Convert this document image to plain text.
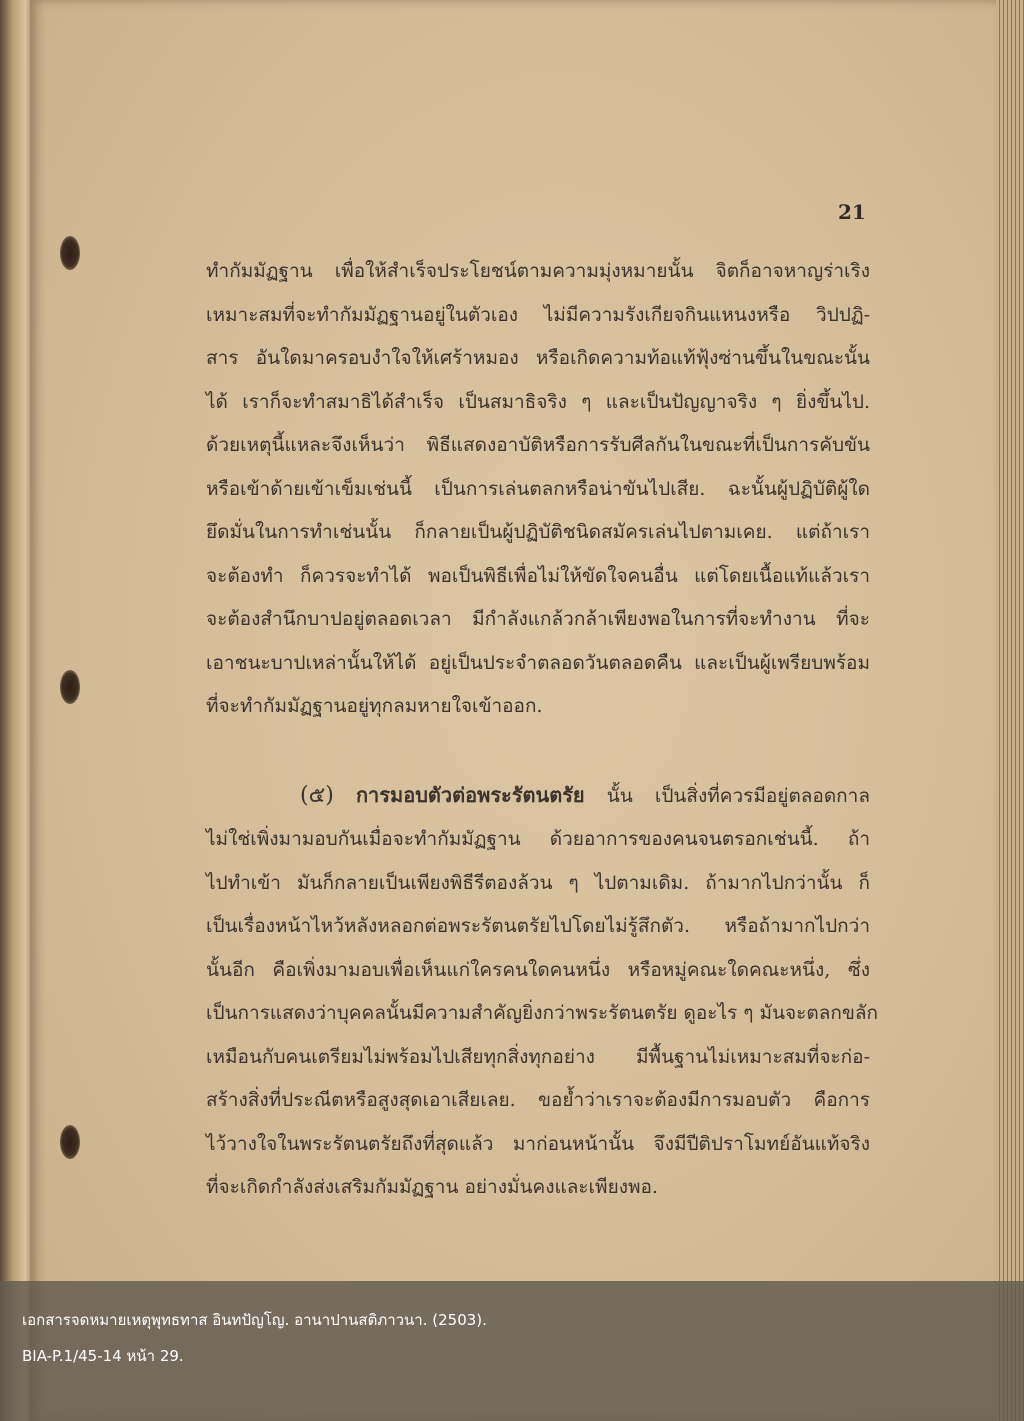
21
ทำกัมมัฏฐาน เพื่อให้สำเร็จประโยชน์ตามความมุ่งหมายนั้น จิตก็อาจหาญร่าเริง
เหมาะสมที่จะทำกัมมัฏฐานอยู่ในตัวเอง ไม่มีความรังเกียจกินแหนงหรือ วิปปฏิ-
สาร อันใดมาครอบงำใจให้เศร้าหมอง หรือเกิดความท้อแท้ฟุ้งซ่านขึ้นในขณะนั้น
ได้ เราก็จะทำสมาธิได้สำเร็จ เป็นสมาธิจริง ๆ และเป็นปัญญาจริง ๆ ยิ่งขึ้นไป.
ด้วยเหตุนี้แหละจึงเห็นว่า พิธีแสดงอาบัติหรือการรับศีลกันในขณะที่เป็นการคับขัน
หรือเข้าด้ายเข้าเข็มเช่นนี้ เป็นการเล่นตลกหรือน่าขันไปเสีย. ฉะนั้นผู้ปฏิบัติผู้ใด
ยึดมั่นในการทำเช่นนั้น ก็กลายเป็นผู้ปฏิบัติชนิดสมัครเล่นไปตามเคย. แต่ถ้าเรา
จะต้องทำ ก็ควรจะทำได้ พอเป็นพิธีเพื่อไม่ให้ขัดใจคนอื่น แต่โดยเนื้อแท้แล้วเรา
จะต้องสำนึกบาปอยู่ตลอดเวลา มีกำลังแกล้วกล้าเพียงพอในการที่จะทำงาน ที่จะ
เอาชนะบาปเหล่านั้นให้ได้ อยู่เป็นประจำตลอดวันตลอดคืน และเป็นผู้เพรียบพร้อม
ที่จะทำกัมมัฏฐานอยู่ทุกลมหายใจเข้าออก.
(๕) การมอบตัวต่อพระรัตนตรัย นั้น เป็นสิ่งที่ควรมีอยู่ตลอดกาล
ไม่ใช่เพิ่งมามอบกันเมื่อจะทำกัมมัฏฐาน ด้วยอาการของคนจนตรอกเช่นนี้. ถ้า
ไปทำเข้า มันก็กลายเป็นเพียงพิธีรีตองล้วน ๆ ไปตามเดิม. ถ้ามากไปกว่านั้น ก็
เป็นเรื่องหน้าไหว้หลังหลอกต่อพระรัตนตรัยไปโดยไม่รู้สึกตัว. หรือถ้ามากไปกว่า
นั้นอีก คือเพิ่งมามอบเพื่อเห็นแก่ใครคนใดคนหนึ่ง หรือหมู่คณะใดคณะหนึ่ง, ซึ่ง
เป็นการแสดงว่าบุคคลนั้นมีความสำคัญยิ่งกว่าพระรัตนตรัย ดูอะไร ๆ มันจะตลกขลัก
เหมือนกับคนเตรียมไม่พร้อมไปเสียทุกสิ่งทุกอย่าง มีพื้นฐานไม่เหมาะสมที่จะก่อ-
สร้างสิ่งที่ประณีตหรือสูงสุดเอาเสียเลย. ขอย้ำว่าเราจะต้องมีการมอบตัว คือการ
ไว้วางใจในพระรัตนตรัยถึงที่สุดแล้ว มาก่อนหน้านั้น จึงมีปีติปราโมทย์อันแท้จริง
ที่จะเกิดกำลังส่งเสริมกัมมัฏฐาน อย่างมั่นคงและเพียงพอ.
เอกสารจดหมายเหตุพุทธทาส อินทปัญโญ. อานาปานสติภาวนา. (2503).
BIA-P.1/45-14 หน้า 29.
